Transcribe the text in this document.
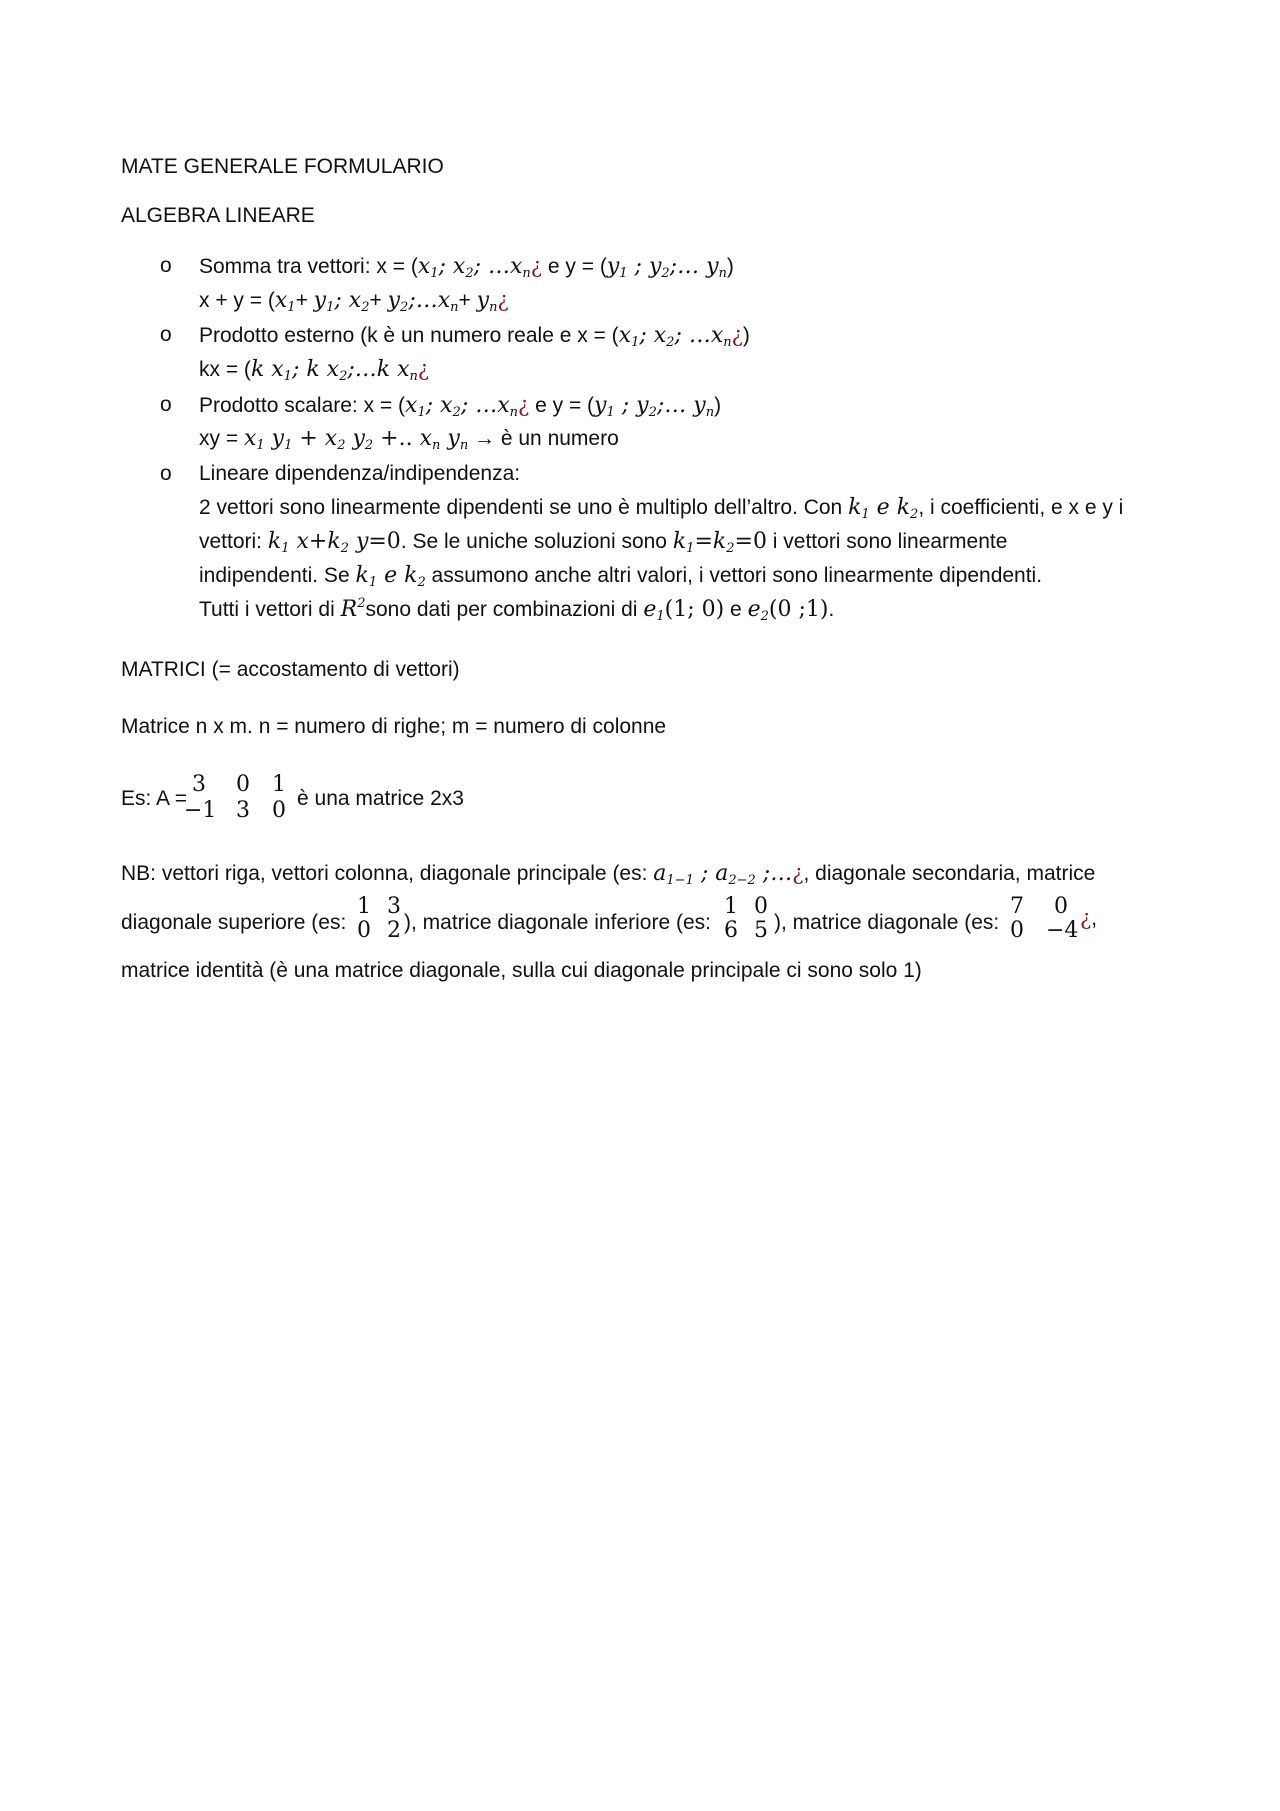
MATE GENERALE FORMULARIO
ALGEBRA LINEARE
o Somma tra vettori: $x = (x_1$; $x_2$; $\dots x_n¿$ e $y = (y_1$ ; $y_2;\dots$ $y_n$)
$x + y = (x_1+ y_1$; $x_2+$ $y_2;\dots x_n+$ $y_n¿$
o Prodotto esterno (k è un numero reale e $x = (x_1$; $x_2$; $\dots x_n¿$)
kx = (k $x_1$; k $x_2;\dots k$ $x_n¿$
o Prodotto scalare: $x = (x_1$; $x_2$; $\dots x_n¿$ e $y = (y_1$ ; $y_2;\dots$ $y_n$)
xy = $x_1$ $y_1 + x_2$ $y_2$ +.. $x_n$ $y_n$ → è un numero
o Lineare dipendenza/indipendenza:
2 vettori sono linearmente dipendenti se uno è multiplo dell’altro. Con $k_1$ e $k_2$, i coefficienti, e x e y i
vettori: $k_1$ $x+k_2$ y=0. Se le uniche soluzioni sono $k_1=k_2=0$ i vettori sono linearmente
indipendenti. Se $k_1$ e $k_2$ assumono anche altri valori, i vettori sono linearmente dipendenti.
Tutti i vettori di $R^2sono$ dati per combinazioni di $e_1(1$; 0) e $e_2(0$ ;1).
MATRICI (= accostamento di vettori)
Matrice n x m. n = numero di righe; m = numero di colonne
Es: A =
3	0	1
−1 3	0 è una matrice 2x3
NB: vettori riga, vettori colonna, diagonale principale (es: $a_{1-1}$ ; $a_{2-2}$ ;…¿, diagonale secondaria, matrice
diagonale superiore (es:
1 3
0 2 ), matrice diagonale inferiore (es:
1 0
6 5 ), matrice diagonale (es:
7	0
0	−4 ¿,
matrice identità (è una matrice diagonale, sulla cui diagonale principale ci sono solo 1)
